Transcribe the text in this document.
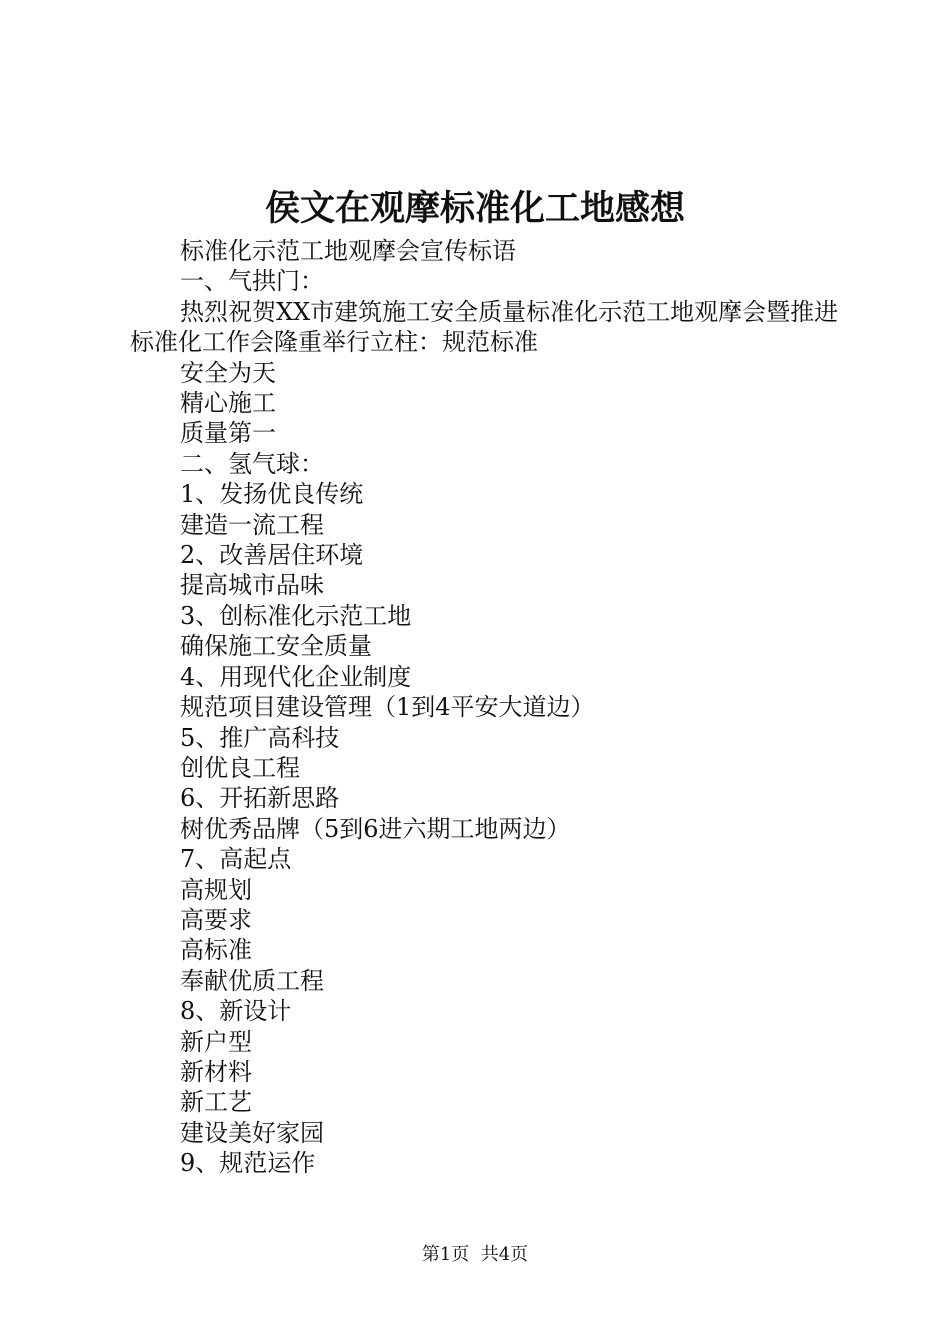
侯文在观摩标准化工地感想

标准化示范工地观摩会宣传标语

一、气拱门：

热烈祝贺XX市建筑施工安全质量标准化示范工地观摩会暨推进标准化工作会隆重举行立柱：规范标准

安全为天

精心施工

质量第一

二、氢气球：

1、发扬优良传统

建造一流工程

2、改善居住环境

提高城市品味

3、创标准化示范工地

确保施工安全质量

4、用现代化企业制度

规范项目建设管理（1到4平安大道边）

5、推广高科技

创优良工程

6、开拓新思路

树优秀品牌（5到6进六期工地两边）

7、高起点

高规划

高要求

高标准

奉献优质工程

8、新设计

新户型

新材料

新工艺

建设美好家园

9、规范运作

第1页 共4页
